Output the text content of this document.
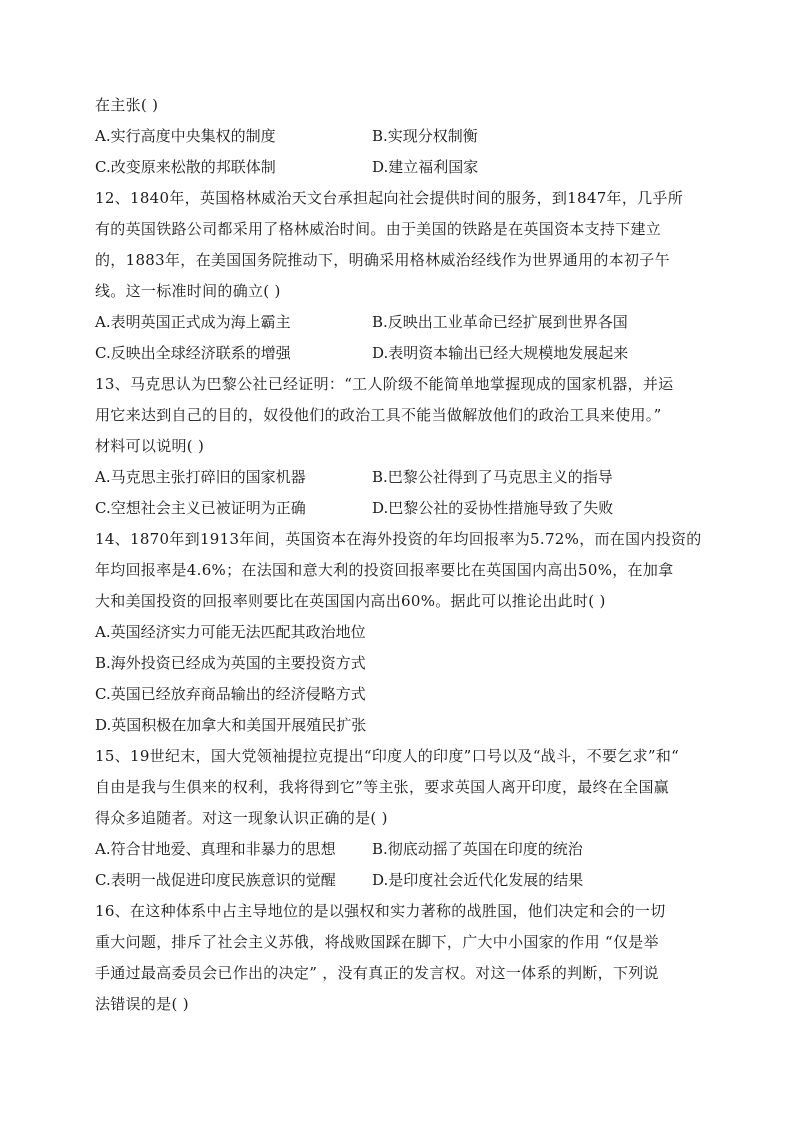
在主张( )
A.实行高度中央集权的制度	B.实现分权制衡
C.改变原来松散的邦联体制	D.建立福利国家
12、1840年，英国格林威治天文台承担起向社会提供时间的服务，到1847年，几乎所
有的英国铁路公司都采用了格林威治时间。由于美国的铁路是在英国资本支持下建立
的，1883年，在美国国务院推动下，明确采用格林威治经线作为世界通用的本初子午
线。这一标准时间的确立( )
A.表明英国正式成为海上霸主	B.反映出工业革命已经扩展到世界各国
C.反映出全球经济联系的增强	D.表明资本输出已经大规模地发展起来
13、马克思认为巴黎公社已经证明：“工人阶级不能简单地掌握现成的国家机器，并运
用它来达到自己的目的，奴役他们的政治工具不能当做解放他们的政治工具来使用。”
材料可以说明( )
A.马克思主张打碎旧的国家机器	B.巴黎公社得到了马克思主义的指导
C.空想社会主义已被证明为正确	D.巴黎公社的妥协性措施导致了失败
14、1870年到1913年间，英国资本在海外投资的年均回报率为5.72%，而在国内投资的
年均回报率是4.6%；在法国和意大利的投资回报率要比在英国国内高出50%，在加拿
大和美国投资的回报率则要比在英国国内高出60%。据此可以推论出此时( )
A.英国经济实力可能无法匹配其政治地位
B.海外投资已经成为英国的主要投资方式
C.英国已经放弃商品输出的经济侵略方式
D.英国积极在加拿大和美国开展殖民扩张
15、19世纪末，国大党领袖提拉克提出“印度人的印度”口号以及“战斗，不要乞求”和“
自由是我与生俱来的权利，我将得到它”等主张，要求英国人离开印度，最终在全国赢
得众多追随者。对这一现象认识正确的是( )
A.符合甘地爱、真理和非暴力的思想	B.彻底动摇了英国在印度的统治
C.表明一战促进印度民族意识的觉醒	D.是印度社会近代化发展的结果
16、在这种体系中占主导地位的是以强权和实力著称的战胜国，他们决定和会的一切
重大问题，排斥了社会主义苏俄，将战败国踩在脚下，广大中小国家的作用 “仅是举
手通过最高委员会已作出的决定” ，没有真正的发言权。对这一体系的判断，下列说
法错误的是( )
